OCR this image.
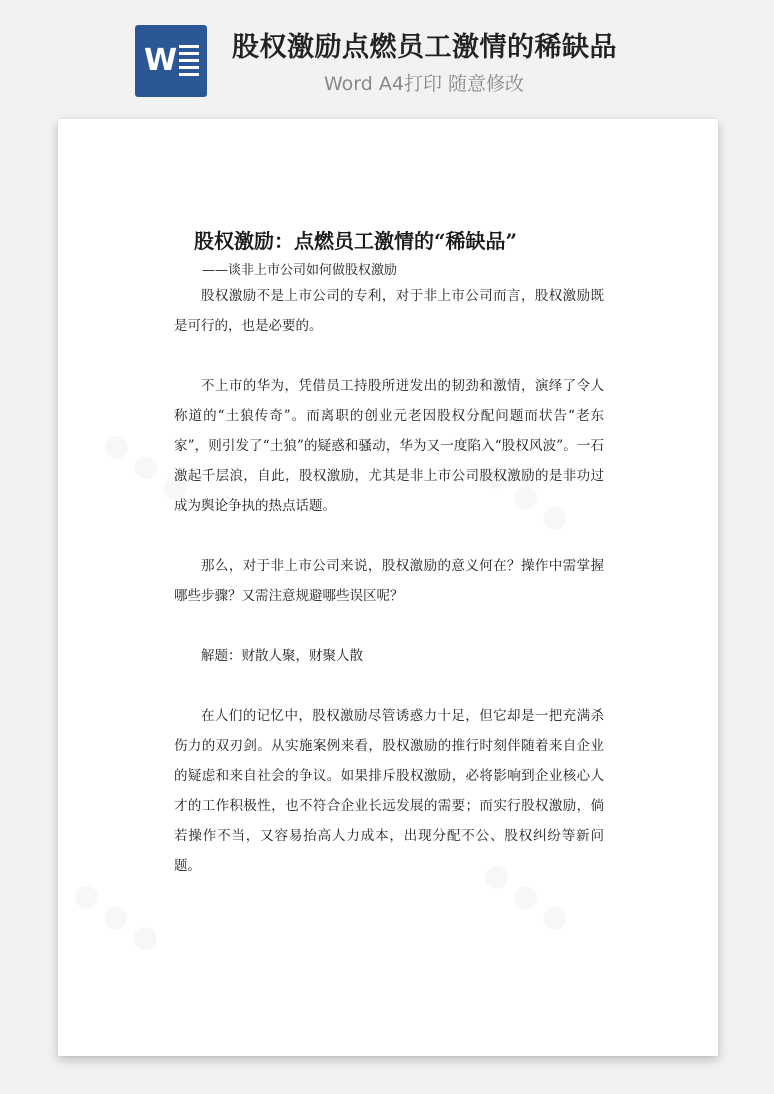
W 股权激励点燃员工激情的稀缺品
Word A4打印 随意修改
● ● ●	● ● ●
● ● ●	● ● ●
股权激励：点燃员工激情的“稀缺品”
——谈非上市公司如何做股权激励

股权激励不是上市公司的专利，对于非上市公司而言，股权激励既是可行的，也是必要的。

不上市的华为，凭借员工持股所迸发出的韧劲和激情，演绎了令人称道的“土狼传奇”。而离职的创业元老因股权分配问题而状告“老东家”，则引发了“土狼”的疑惑和骚动，华为又一度陷入“股权风波”。一石激起千层浪，自此，股权激励，尤其是非上市公司股权激励的是非功过成为舆论争执的热点话题。

那么，对于非上市公司来说，股权激励的意义何在？操作中需掌握哪些步骤？又需注意规避哪些误区呢？

解题：财散人聚，财聚人散

在人们的记忆中，股权激励尽管诱惑力十足，但它却是一把充满杀伤力的双刃剑。从实施案例来看，股权激励的推行时刻伴随着来自企业的疑虑和来自社会的争议。如果排斥股权激励，必将影响到企业核心人才的工作积极性，也不符合企业长远发展的需要；而实行股权激励，倘若操作不当，又容易抬高人力成本，出现分配不公、股权纠纷等新问题。
